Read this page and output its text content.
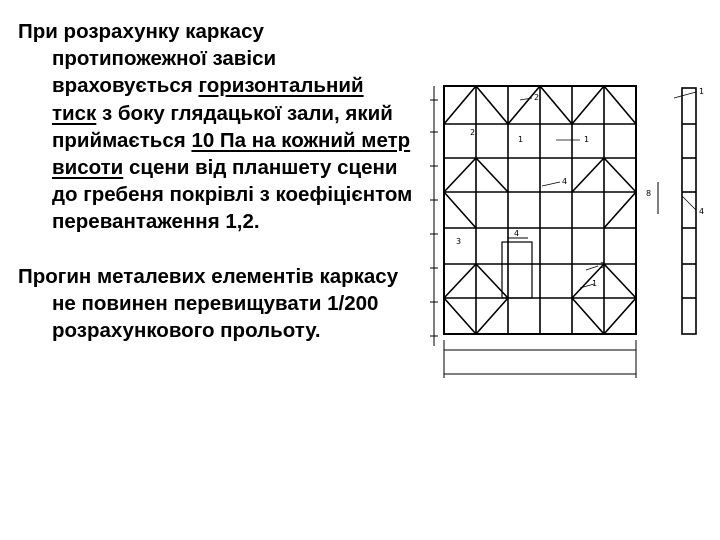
При розрахунку каркасу протипожежної завіси враховується горизонтальний тиск з боку глядацької зали, який приймається 10 Па на кожний метр висоти сцени від планшету сцени до гребеня покрівлі з коефіцієнтом перевантаження 1,2.

Прогин металевих елементів каркасу не повинен перевищувати 1/200 розрахункового прольоту.

2
2
1	1
4
3
3
1
1
4
4
8
